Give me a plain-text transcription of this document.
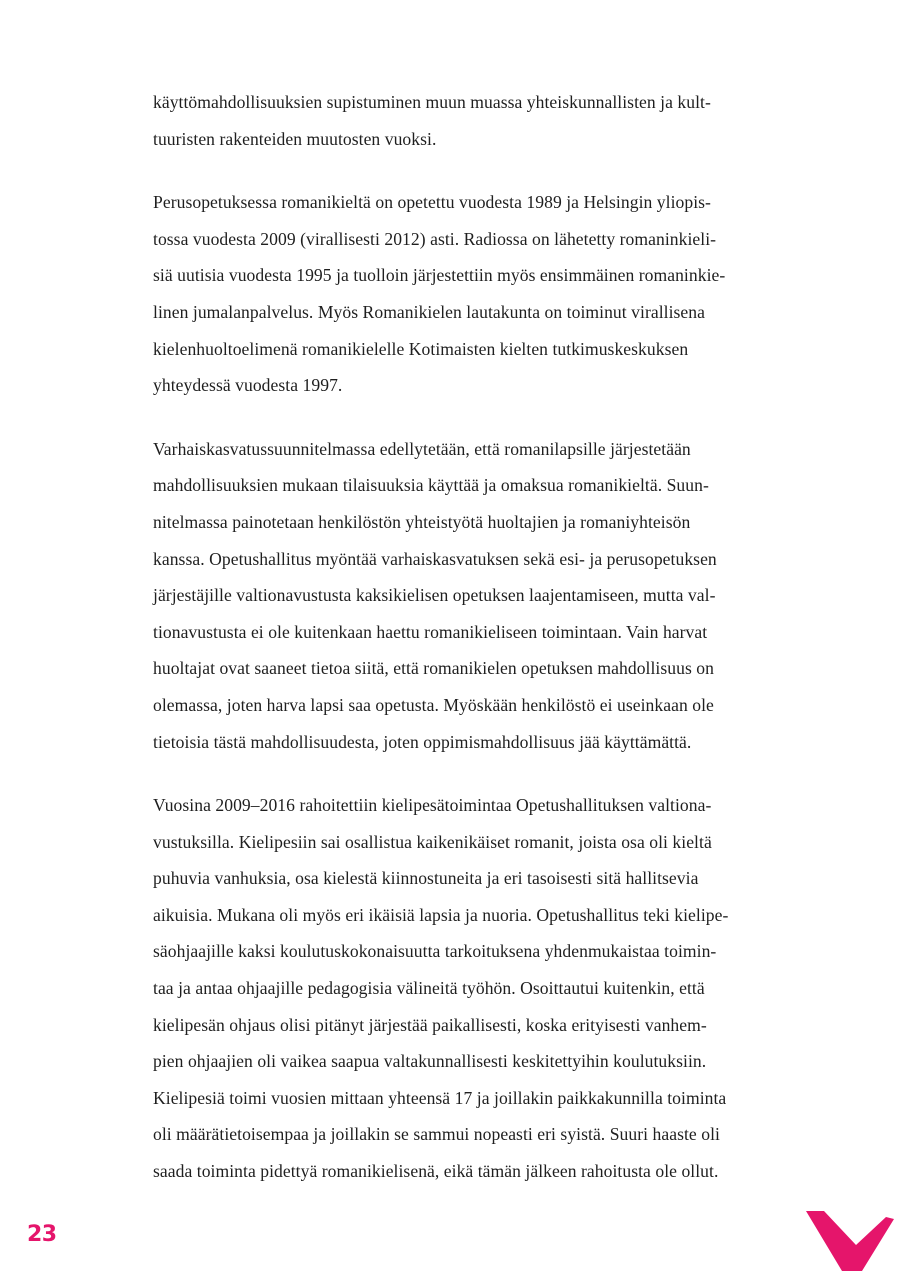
käyttömahdollisuuksien supistuminen muun muassa yhteiskunnallisten ja kult-
tuuristen rakenteiden muutosten vuoksi.

Perusopetuksessa romanikieltä on opetettu vuodesta 1989 ja Helsingin yliopis-
tossa vuodesta 2009 (virallisesti 2012) asti. Radiossa on lähetetty romaninkieli-
siä uutisia vuodesta 1995 ja tuolloin järjestettiin myös ensimmäinen romaninkie-
linen jumalanpalvelus. Myös Romanikielen lautakunta on toiminut virallisena
kielenhuoltoelimenä romanikielelle Kotimaisten kielten tutkimuskeskuksen
yhteydessä vuodesta 1997.

Varhaiskasvatussuunnitelmassa edellytetään, että romanilapsille järjestetään
mahdollisuuksien mukaan tilaisuuksia käyttää ja omaksua romanikieltä. Suun-
nitelmassa painotetaan henkilöstön yhteistyötä huoltajien ja romaniyhteisön
kanssa. Opetushallitus myöntää varhaiskasvatuksen sekä esi- ja perusopetuksen
järjestäjille valtionavustusta kaksikielisen opetuksen laajentamiseen, mutta val-
tionavustusta ei ole kuitenkaan haettu romanikieliseen toimintaan. Vain harvat
huoltajat ovat saaneet tietoa siitä, että romanikielen opetuksen mahdollisuus on
olemassa, joten harva lapsi saa opetusta. Myöskään henkilöstö ei useinkaan ole
tietoisia tästä mahdollisuudesta, joten oppimismahdollisuus jää käyttämättä.

Vuosina 2009–2016 rahoitettiin kielipesätoimintaa Opetushallituksen valtiona-
vustuksilla. Kielipesiin sai osallistua kaikenikäiset romanit, joista osa oli kieltä
puhuvia vanhuksia, osa kielestä kiinnostuneita ja eri tasoisesti sitä hallitsevia
aikuisia. Mukana oli myös eri ikäisiä lapsia ja nuoria. Opetushallitus teki kielipe-
säohjaajille kaksi koulutuskokonaisuutta tarkoituksena yhdenmukaistaa toimin-
taa ja antaa ohjaajille pedagogisia välineitä työhön. Osoittautui kuitenkin, että
kielipesän ohjaus olisi pitänyt järjestää paikallisesti, koska erityisesti vanhem-
pien ohjaajien oli vaikea saapua valtakunnallisesti keskitettyihin koulutuksiin.
Kielipesiä toimi vuosien mittaan yhteensä 17 ja joillakin paikkakunnilla toiminta
oli määrätietoisempaa ja joillakin se sammui nopeasti eri syistä. Suuri haaste oli
saada toiminta pidettyä romanikielisenä, eikä tämän jälkeen rahoitusta ole ollut.

23
